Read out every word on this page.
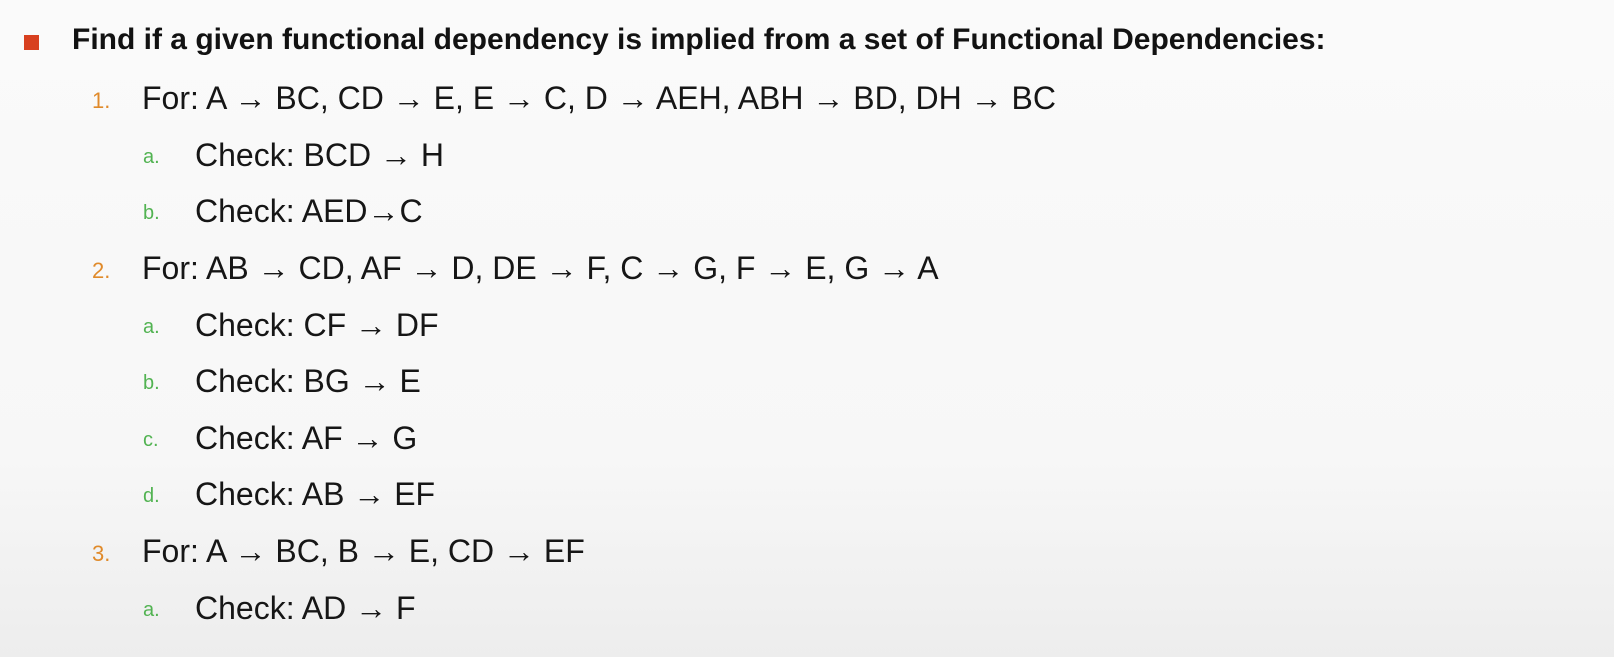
Find if a given functional dependency is implied from a set of Functional Dependencies:
1. For: A → BC, CD → E, E → C, D → AEH, ABH → BD, DH → BC
a. Check: BCD → H
b. Check: AED→C
2. For: AB → CD, AF → D, DE → F, C → G, F → E, G → A
a. Check: CF → DF
b. Check: BG → E
c. Check: AF → G
d. Check: AB → EF
3. For: A → BC, B → E, CD → EF
a. Check: AD → F
